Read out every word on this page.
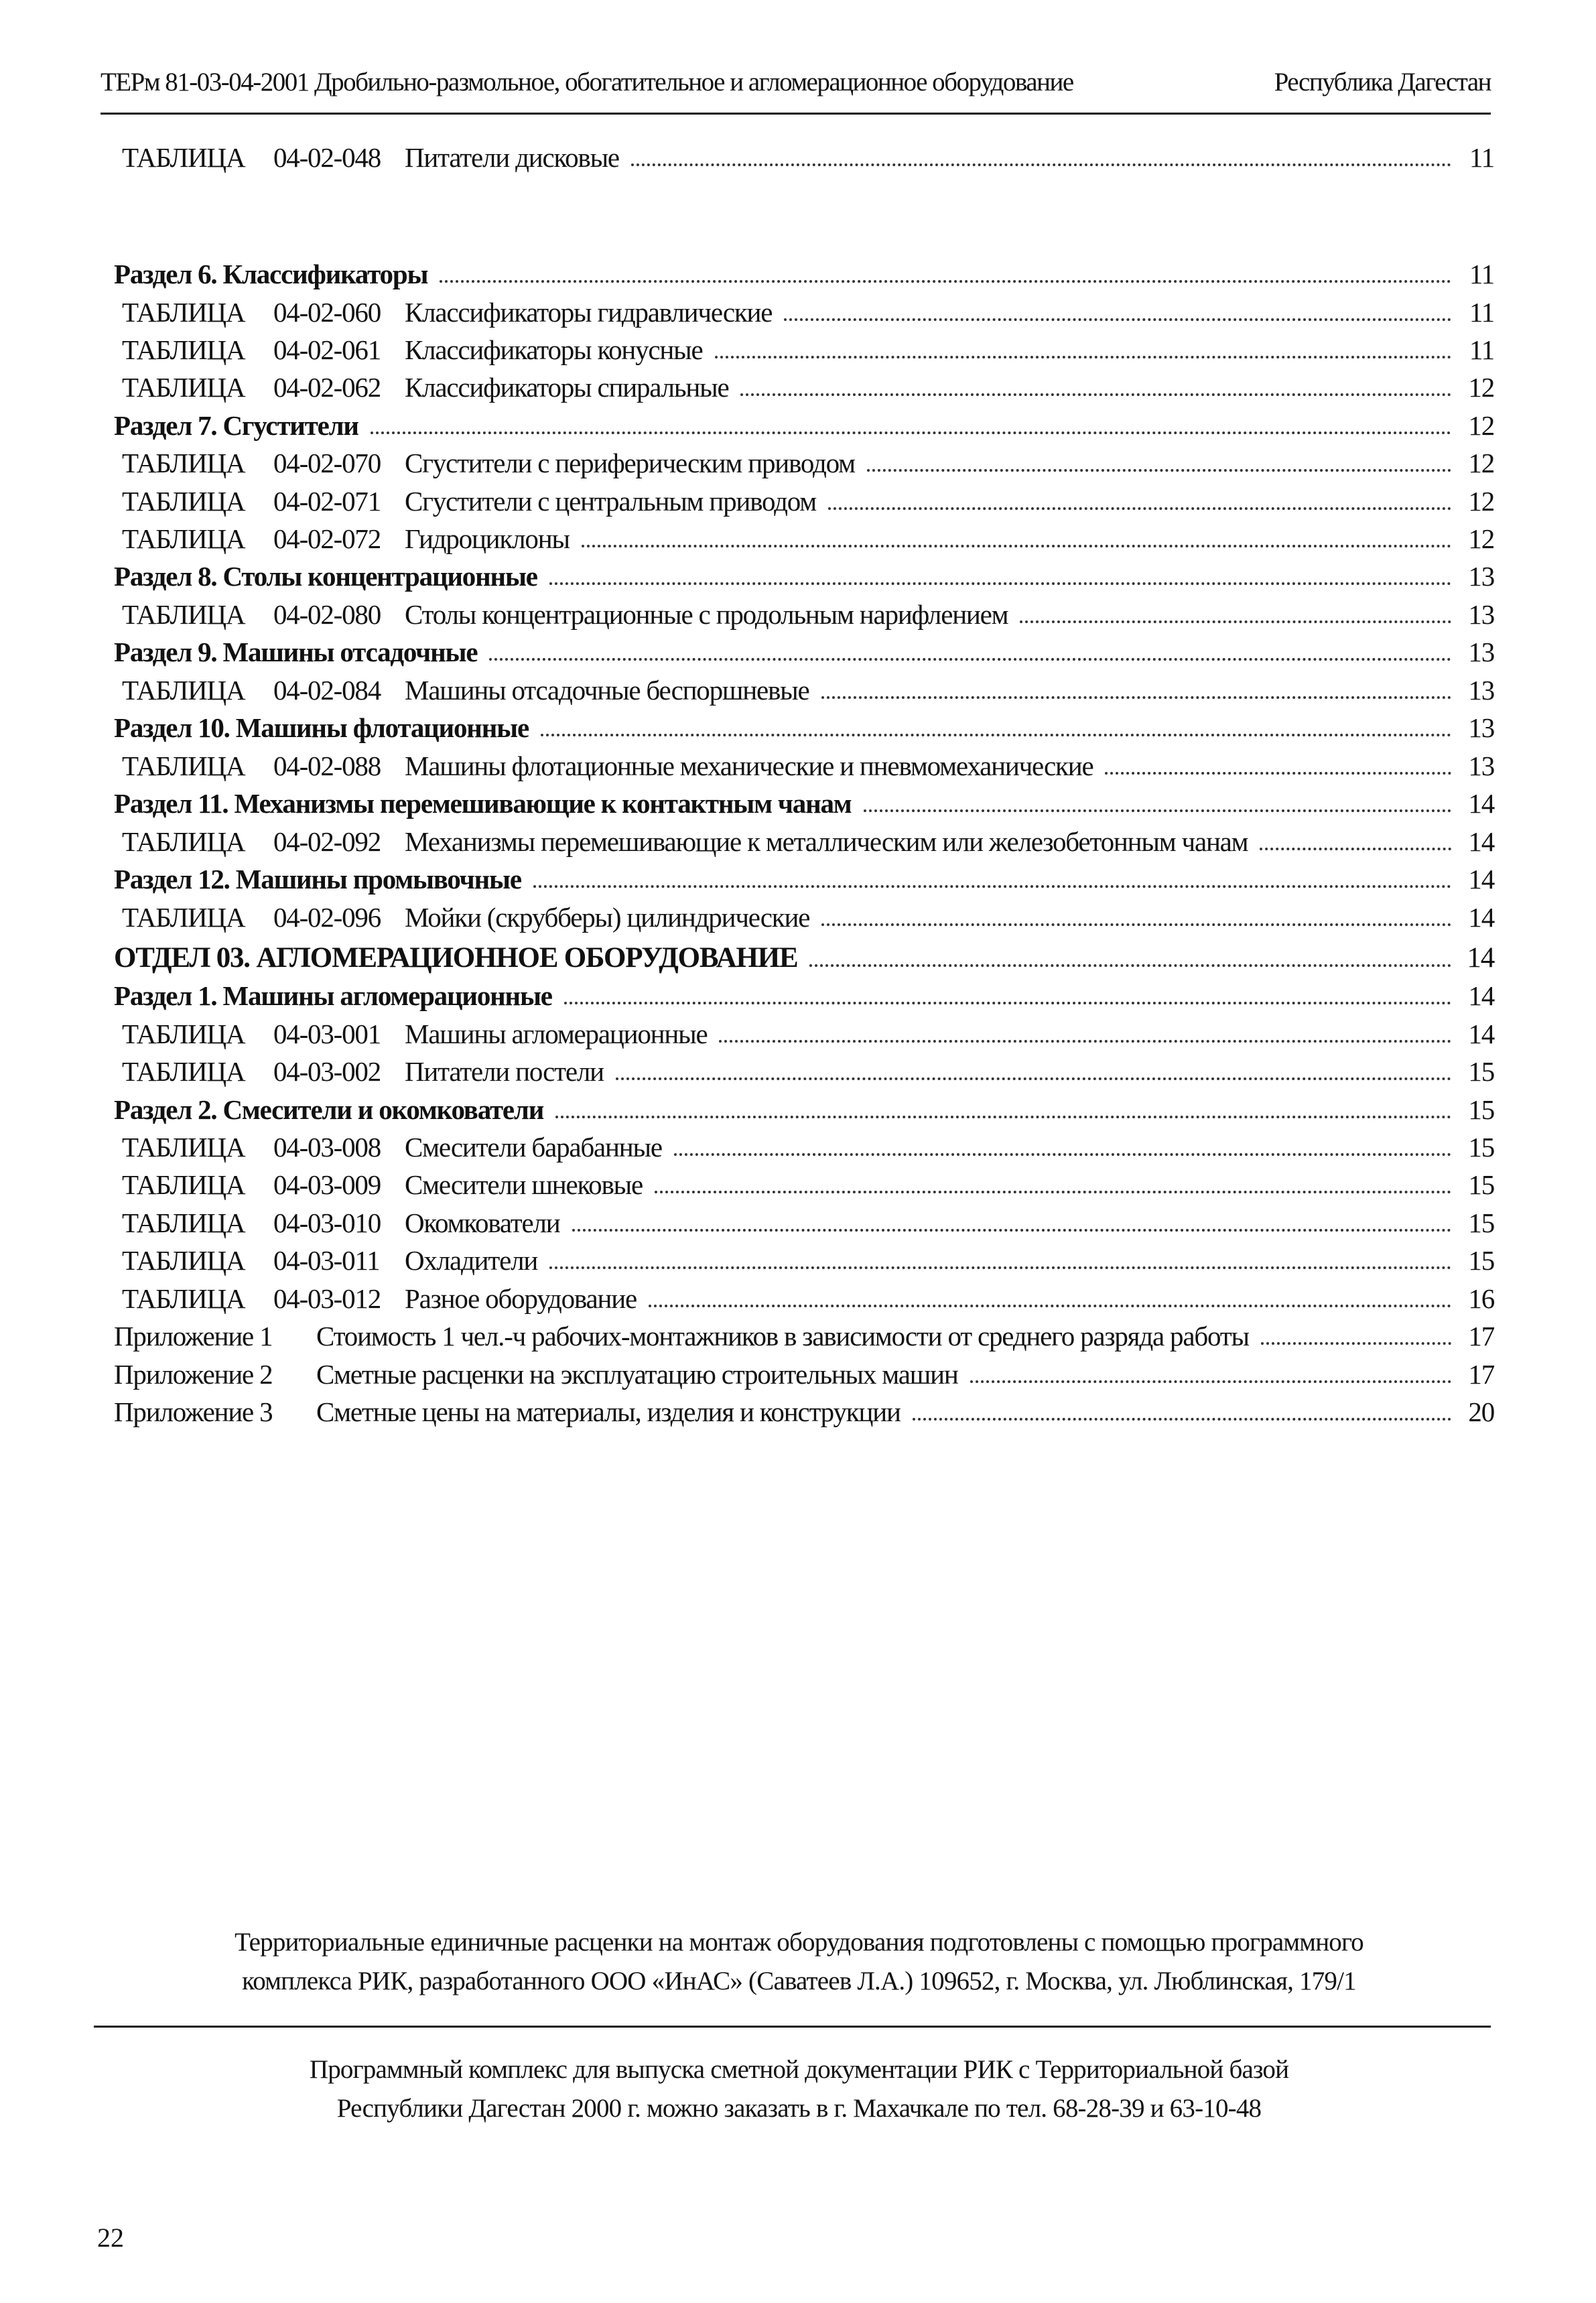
ТЕРм 81-03-04-2001 Дробильно-размольное, обогатительное и агломерационное оборудование	Республика Дагестан
ТАБЛИЦА	04-02-048 Питатели дисковые	11
Раздел 6. Классификаторы	11
ТАБЛИЦА	04-02-060 Классификаторы гидравлические	11
ТАБЛИЦА	04-02-061 Классификаторы конусные	11
ТАБЛИЦА	04-02-062 Классификаторы спиральные	12
Раздел 7. Сгустители	12
ТАБЛИЦА	04-02-070 Сгустители с периферическим приводом	12
ТАБЛИЦА	04-02-071 Сгустители с центральным приводом	12
ТАБЛИЦА	04-02-072 Гидроциклоны	12
Раздел 8. Столы концентрационные	13
ТАБЛИЦА	04-02-080 Столы концентрационные с продольным нарифлением	13
Раздел 9. Машины отсадочные	13
ТАБЛИЦА	04-02-084 Машины отсадочные беспоршневые	13
Раздел 10. Машины флотационные	13
ТАБЛИЦА	04-02-088 Машины флотационные механические и пневмомеханические	13
Раздел 11. Механизмы перемешивающие к контактным чанам	14
ТАБЛИЦА	04-02-092 Механизмы перемешивающие к металлическим или железобетонным чанам	14
Раздел 12. Машины промывочные	14
ТАБЛИЦА	04-02-096 Мойки (скрубберы) цилиндрические	14
ОТДЕЛ 03. АГЛОМЕРАЦИОННОЕ ОБОРУДОВАНИЕ	14
Раздел 1. Машины агломерационные	14
ТАБЛИЦА	04-03-001 Машины агломерационные	14
ТАБЛИЦА	04-03-002 Питатели постели	15
Раздел 2. Смесители и окомкователи	15
ТАБЛИЦА	04-03-008 Смесители барабанные	15
ТАБЛИЦА	04-03-009 Смесители шнековые	15
ТАБЛИЦА	04-03-010 Окомкователи	15
ТАБЛИЦА	04-03-011 Охладители	15
ТАБЛИЦА	04-03-012 Разное оборудование	16
Приложение 1	Стоимость 1 чел.-ч рабочих-монтажников в зависимости от среднего разряда работы	17
Приложение 2	Сметные расценки на эксплуатацию строительных машин	17
Приложение 3	Сметные цены на материалы, изделия и конструкции	20
Территориальные единичные расценки на монтаж оборудования подготовлены с помощью программного
комплекса РИК, разработанного ООО «ИнАС» (Саватеев Л.А.) 109652, г. Москва, ул. Люблинская, 179/1
Программный комплекс для выпуска сметной документации РИК с Территориальной базой
Республики Дагестан 2000 г. можно заказать в г. Махачкале по тел. 68-28-39 и 63-10-48
22
